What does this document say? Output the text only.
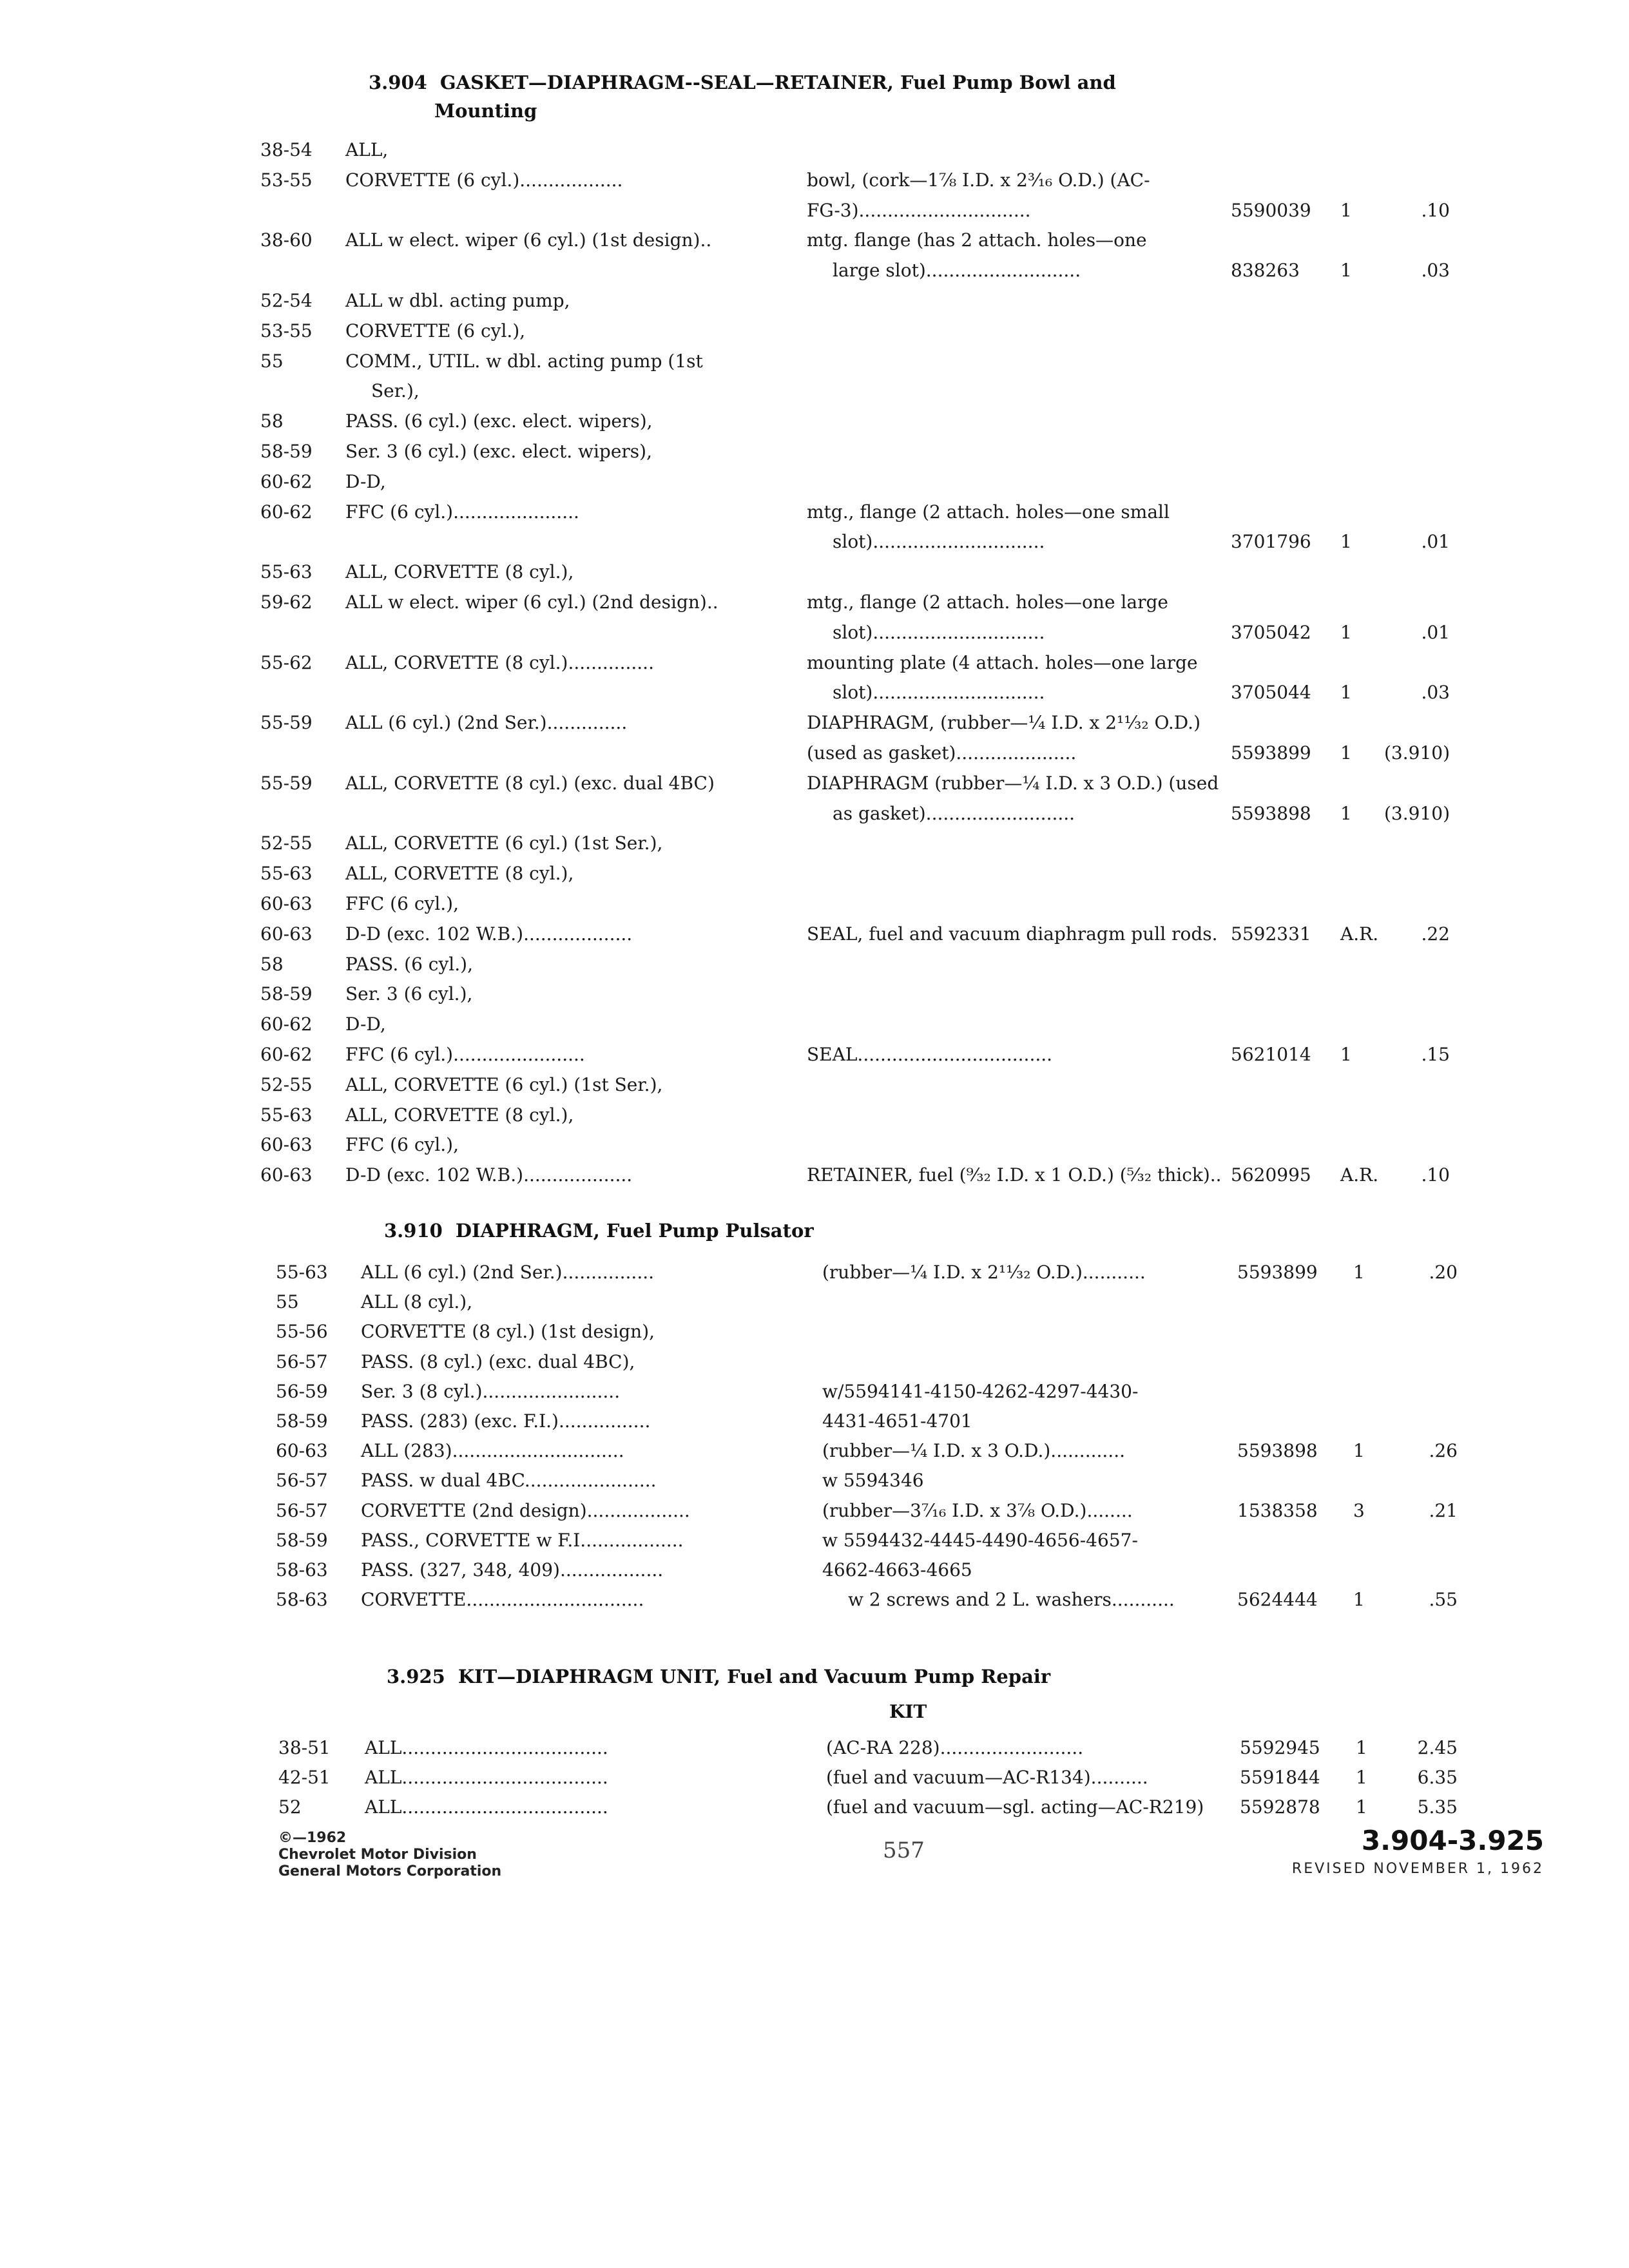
3.904 GASKET—DIAPHRAGM--SEAL—RETAINER, Fuel Pump Bowl and
Mounting
38-54 ALL,
53-55 CORVETTE (6 cyl.)..................	bowl, (cork—1⅞ I.D. x 2³⁄₁₆ O.D.) (AC-
FG-3)..............................	5590039 1	.10
38-60 ALL w elect. wiper (6 cyl.) (1st design)..	mtg. flange (has 2 attach. holes—one
large slot)...........................	838263 1	.03
52-54 ALL w dbl. acting pump,
53-55 CORVETTE (6 cyl.),
55	COMM., UTIL. w dbl. acting pump (1st
Ser.),
58	PASS. (6 cyl.) (exc. elect. wipers),
58-59 Ser. 3 (6 cyl.) (exc. elect. wipers),
60-62 D-D,
60-62 FFC (6 cyl.)......................	mtg., flange (2 attach. holes—one small
slot)..............................	3701796 1	.01
55-63 ALL, CORVETTE (8 cyl.),
59-62 ALL w elect. wiper (6 cyl.) (2nd design)..	mtg., flange (2 attach. holes—one large
slot)..............................	3705042 1	.01
55-62 ALL, CORVETTE (8 cyl.)...............	mounting plate (4 attach. holes—one large
slot)..............................	3705044 1	.03
55-59 ALL (6 cyl.) (2nd Ser.)..............	DIAPHRAGM, (rubber—¼ I.D. x 2¹¹⁄₃₂ O.D.)
(used as gasket).....................	5593899 1 (3.910)
55-59 ALL, CORVETTE (8 cyl.) (exc. dual 4BC)	DIAPHRAGM (rubber—¼ I.D. x 3 O.D.) (used
as gasket)..........................	5593898 1 (3.910)
52-55 ALL, CORVETTE (6 cyl.) (1st Ser.),
55-63 ALL, CORVETTE (8 cyl.),
60-63 FFC (6 cyl.),
60-63 D-D (exc. 102 W.B.)...................	SEAL, fuel and vacuum diaphragm pull rods. 5592331 A.R. .22
58	PASS. (6 cyl.),
58-59 Ser. 3 (6 cyl.),
60-62 D-D,
60-62 FFC (6 cyl.).......................	SEAL..................................	5621014 1	.15
52-55 ALL, CORVETTE (6 cyl.) (1st Ser.),
55-63 ALL, CORVETTE (8 cyl.),
60-63 FFC (6 cyl.),
60-63 D-D (exc. 102 W.B.)...................	RETAINER, fuel (⁹⁄₃₂ I.D. x 1 O.D.) (⁵⁄₃₂ thick).. 5620995 A.R. .10
3.910 DIAPHRAGM, Fuel Pump Pulsator
55-63 ALL (6 cyl.) (2nd Ser.)................	(rubber—¼ I.D. x 2¹¹⁄₃₂ O.D.)...........	5593899 1	.20
55	ALL (8 cyl.),
55-56 CORVETTE (8 cyl.) (1st design),
56-57 PASS. (8 cyl.) (exc. dual 4BC),
56-59 Ser. 3 (8 cyl.)........................	w/5594141-4150-4262-4297-4430-
58-59 PASS. (283) (exc. F.I.)................	4431-4651-4701
60-63 ALL (283)..............................	(rubber—¼ I.D. x 3 O.D.).............	5593898 1	.26
56-57 PASS. w dual 4BC.......................	w 5594346
56-57 CORVETTE (2nd design)..................	(rubber—3⁷⁄₁₆ I.D. x 3⁷⁄₈ O.D.)........	1538358 3	.21
58-59 PASS., CORVETTE w F.I..................	w 5594432-4445-4490-4656-4657-
58-63 PASS. (327, 348, 409)..................	4662-4663-4665
58-63 CORVETTE...............................	w 2 screws and 2 L. washers...........	5624444 1	.55
3.925 KIT—DIAPHRAGM UNIT, Fuel and Vacuum Pump Repair
KIT
38-51 ALL....................................	(AC-RA 228).........................	5592945 1	2.45
42-51 ALL....................................	(fuel and vacuum—AC-R134)..........	5591844 1	6.35
52	ALL....................................	(fuel and vacuum—sgl. acting—AC-R219) 5592878 1	5.35
©—1962
Chevrolet Motor Division
General Motors Corporation
557	3.904-3.925
REVISED NOVEMBER 1, 1962
